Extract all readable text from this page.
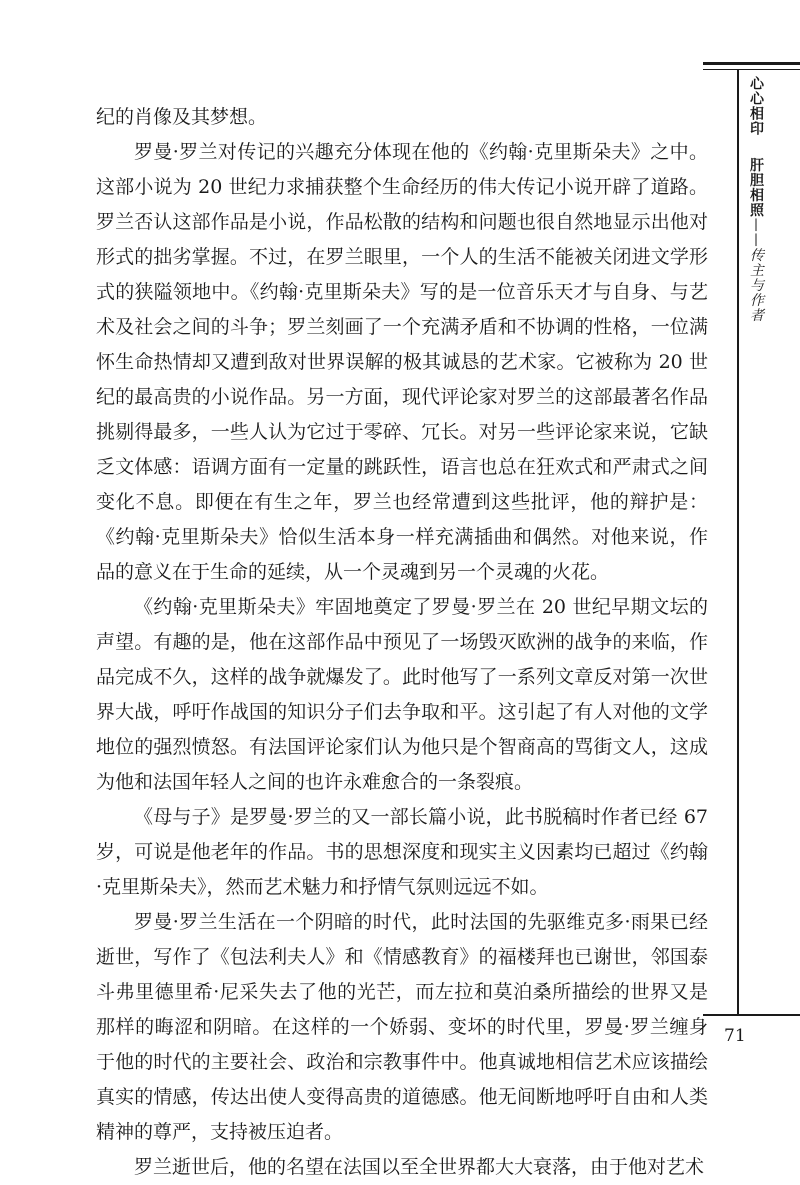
心心相印  肝胆相照——传主与作者

纪的肖像及其梦想。

罗曼·罗兰对传记的兴趣充分体现在他的《约翰·克里斯朵夫》之中。这部小说为 20 世纪力求捕获整个生命经历的伟大传记小说开辟了道路。罗兰否认这部作品是小说，作品松散的结构和问题也很自然地显示出他对形式的拙劣掌握。不过，在罗兰眼里，一个人的生活不能被关闭进文学形式的狭隘领地中。《约翰·克里斯朵夫》写的是一位音乐天才与自身、与艺术及社会之间的斗争；罗兰刻画了一个充满矛盾和不协调的性格，一位满怀生命热情却又遭到敌对世界误解的极其诚恳的艺术家。它被称为 20 世纪的最高贵的小说作品。另一方面，现代评论家对罗兰的这部最著名作品挑剔得最多，一些人认为它过于零碎、冗长。对另一些评论家来说，它缺乏文体感：语调方面有一定量的跳跃性，语言也总在狂欢式和严肃式之间变化不息。即便在有生之年，罗兰也经常遭到这些批评，他的辩护是：《约翰·克里斯朵夫》恰似生活本身一样充满插曲和偶然。对他来说，作品的意义在于生命的延续，从一个灵魂到另一个灵魂的火花。

《约翰·克里斯朵夫》牢固地奠定了罗曼·罗兰在 20 世纪早期文坛的声望。有趣的是，他在这部作品中预见了一场毁灭欧洲的战争的来临，作品完成不久，这样的战争就爆发了。此时他写了一系列文章反对第一次世界大战，呼吁作战国的知识分子们去争取和平。这引起了有人对他的文学地位的强烈愤怒。有法国评论家们认为他只是个智商高的骂街文人，这成为他和法国年轻人之间的也许永难愈合的一条裂痕。

《母与子》是罗曼·罗兰的又一部长篇小说，此书脱稿时作者已经 67 岁，可说是他老年的作品。书的思想深度和现实主义因素均已超过《约翰·克里斯朵夫》，然而艺术魅力和抒情气氛则远远不如。

罗曼·罗兰生活在一个阴暗的时代，此时法国的先驱维克多·雨果已经逝世，写作了《包法利夫人》和《情感教育》的福楼拜也已谢世，邻国泰斗弗里德里希·尼采失去了他的光芒，而左拉和莫泊桑所描绘的世界又是那样的晦涩和阴暗。在这样的一个娇弱、变坏的时代里，罗曼·罗兰缠身于他的时代的主要社会、政治和宗教事件中。他真诚地相信艺术应该描绘真实的情感，传达出使人变得高贵的道德感。他无间断地呼吁自由和人类精神的尊严，支持被压迫者。

罗兰逝世后，他的名望在法国以至全世界都大大衰落，由于他对艺术

71
